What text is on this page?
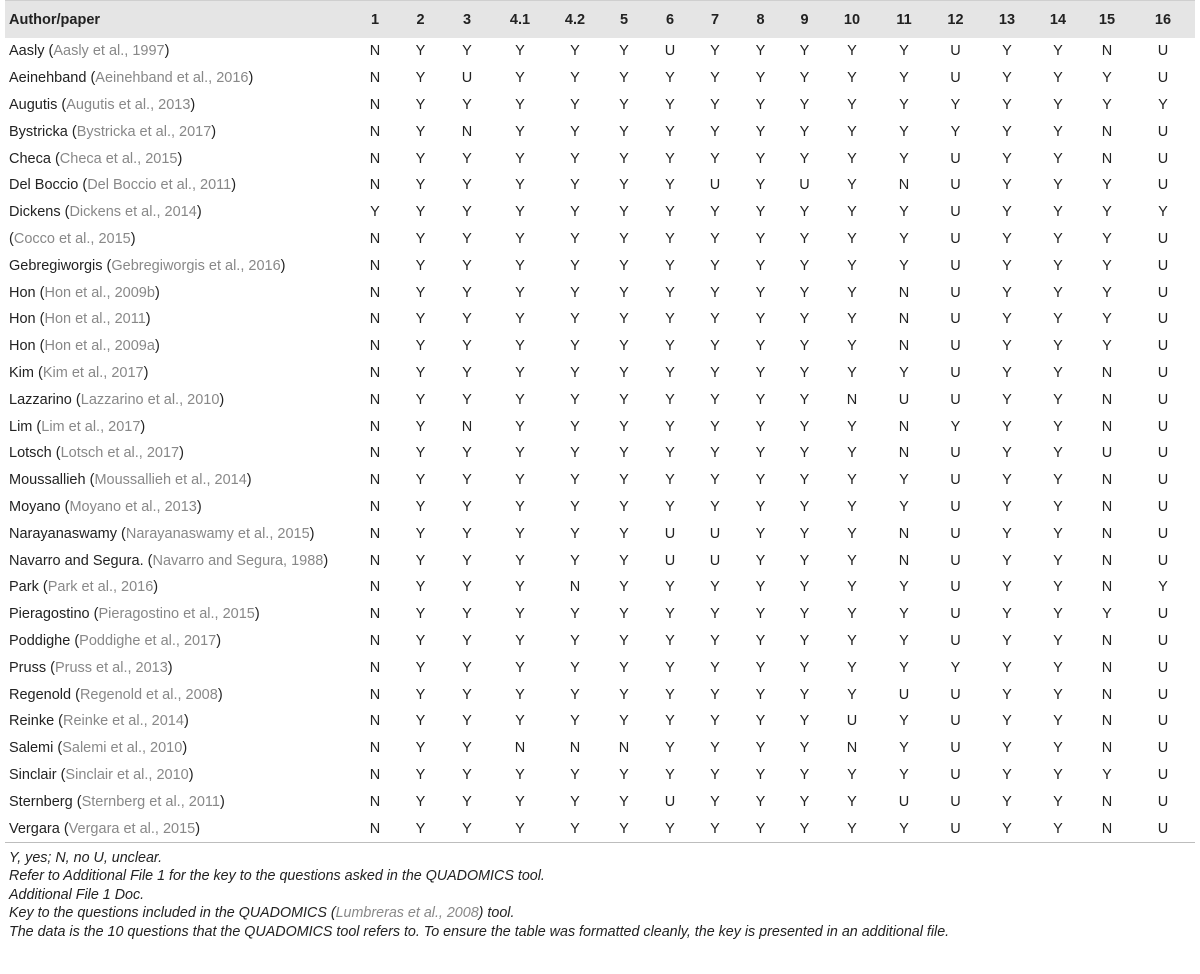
Author/paper	1	2	3	4.1	4.2	5	6	7	8	9	10	11	12	13	14	15	16
Aasly (Aasly et al., 1997)	N	Y	Y	Y	Y	Y	U	Y	Y	Y	Y	Y	U	Y	Y	N	U
Aeinehband (Aeinehband et al., 2016)	N	Y	U	Y	Y	Y	Y	Y	Y	Y	Y	Y	U	Y	Y	Y	U
Augutis (Augutis et al., 2013)	N	Y	Y	Y	Y	Y	Y	Y	Y	Y	Y	Y	Y	Y	Y	Y	Y
Bystricka (Bystricka et al., 2017)	N	Y	N	Y	Y	Y	Y	Y	Y	Y	Y	Y	Y	Y	Y	N	U
Checa (Checa et al., 2015)	N	Y	Y	Y	Y	Y	Y	Y	Y	Y	Y	Y	U	Y	Y	N	U
Del Boccio (Del Boccio et al., 2011)	N	Y	Y	Y	Y	Y	Y	U	Y	U	Y	N	U	Y	Y	Y	U
Dickens (Dickens et al., 2014)	Y	Y	Y	Y	Y	Y	Y	Y	Y	Y	Y	Y	U	Y	Y	Y	Y
(Cocco et al., 2015)	N	Y	Y	Y	Y	Y	Y	Y	Y	Y	Y	Y	U	Y	Y	Y	U
Gebregiworgis (Gebregiworgis et al., 2016)	N	Y	Y	Y	Y	Y	Y	Y	Y	Y	Y	Y	U	Y	Y	Y	U
Hon (Hon et al., 2009b)	N	Y	Y	Y	Y	Y	Y	Y	Y	Y	Y	N	U	Y	Y	Y	U
Hon (Hon et al., 2011)	N	Y	Y	Y	Y	Y	Y	Y	Y	Y	Y	N	U	Y	Y	Y	U
Hon (Hon et al., 2009a)	N	Y	Y	Y	Y	Y	Y	Y	Y	Y	Y	N	U	Y	Y	Y	U
Kim (Kim et al., 2017)	N	Y	Y	Y	Y	Y	Y	Y	Y	Y	Y	Y	U	Y	Y	N	U
Lazzarino (Lazzarino et al., 2010)	N	Y	Y	Y	Y	Y	Y	Y	Y	Y	N	U	U	Y	Y	N	U
Lim (Lim et al., 2017)	N	Y	N	Y	Y	Y	Y	Y	Y	Y	Y	N	Y	Y	Y	N	U
Lotsch (Lotsch et al., 2017)	N	Y	Y	Y	Y	Y	Y	Y	Y	Y	Y	N	U	Y	Y	U	U
Moussallieh (Moussallieh et al., 2014)	N	Y	Y	Y	Y	Y	Y	Y	Y	Y	Y	Y	U	Y	Y	N	U
Moyano (Moyano et al., 2013)	N	Y	Y	Y	Y	Y	Y	Y	Y	Y	Y	Y	U	Y	Y	N	U
Narayanaswamy (Narayanaswamy et al., 2015)	N	Y	Y	Y	Y	Y	U	U	Y	Y	Y	N	U	Y	Y	N	U
Navarro and Segura. (Navarro and Segura, 1988)	N	Y	Y	Y	Y	Y	U	U	Y	Y	Y	N	U	Y	Y	N	U
Park (Park et al., 2016)	N	Y	Y	Y	N	Y	Y	Y	Y	Y	Y	Y	U	Y	Y	N	Y
Pieragostino (Pieragostino et al., 2015)	N	Y	Y	Y	Y	Y	Y	Y	Y	Y	Y	Y	U	Y	Y	Y	U
Poddighe (Poddighe et al., 2017)	N	Y	Y	Y	Y	Y	Y	Y	Y	Y	Y	Y	U	Y	Y	N	U
Pruss (Pruss et al., 2013)	N	Y	Y	Y	Y	Y	Y	Y	Y	Y	Y	Y	Y	Y	Y	N	U
Regenold (Regenold et al., 2008)	N	Y	Y	Y	Y	Y	Y	Y	Y	Y	Y	U	U	Y	Y	N	U
Reinke (Reinke et al., 2014)	N	Y	Y	Y	Y	Y	Y	Y	Y	Y	U	Y	U	Y	Y	N	U
Salemi (Salemi et al., 2010)	N	Y	Y	N	N	N	Y	Y	Y	Y	N	Y	U	Y	Y	N	U
Sinclair (Sinclair et al., 2010)	N	Y	Y	Y	Y	Y	Y	Y	Y	Y	Y	Y	U	Y	Y	Y	U
Sternberg (Sternberg et al., 2011)	N	Y	Y	Y	Y	Y	U	Y	Y	Y	Y	U	U	Y	Y	N	U
Vergara (Vergara et al., 2015)	N	Y	Y	Y	Y	Y	Y	Y	Y	Y	Y	Y	U	Y	Y	N	U
Y, yes; N, no U, unclear.
Refer to Additional File 1 for the key to the questions asked in the QUADOMICS tool.
Additional File 1 Doc.
Key to the questions included in the QUADOMICS (Lumbreras et al., 2008) tool.
The data is the 10 questions that the QUADOMICS tool refers to. To ensure the table was formatted cleanly, the key is presented in an additional file.
